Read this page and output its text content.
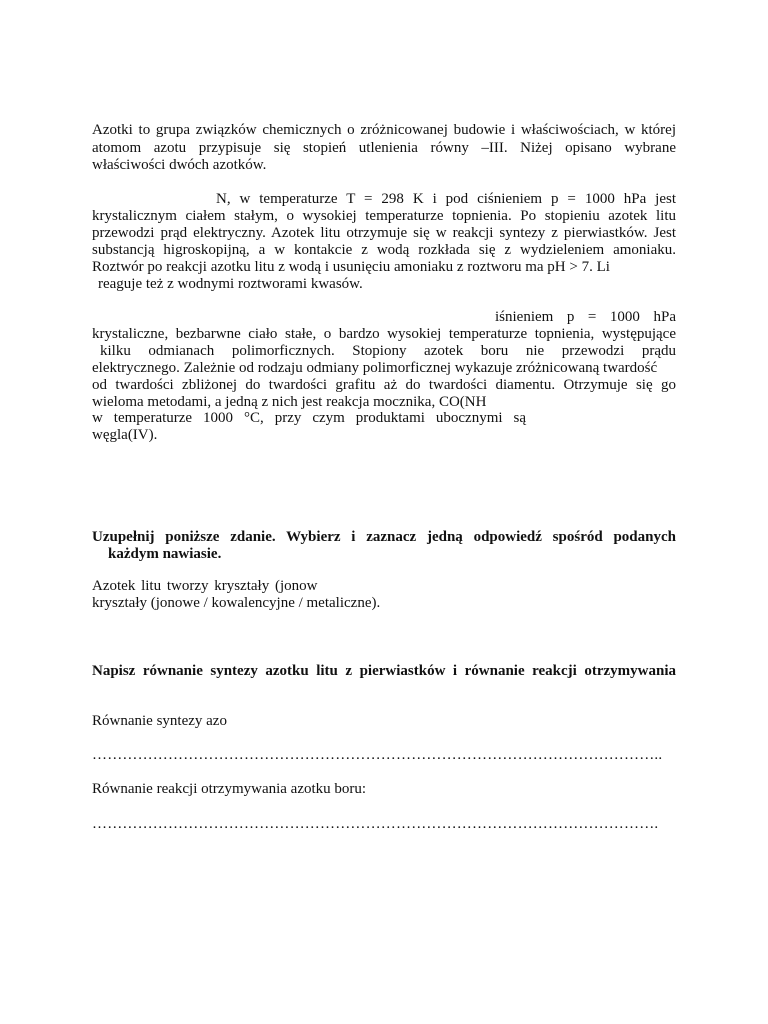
Azotki to grupa związków chemicznych o zróżnicowanej budowie i właściwościach, w której
atomom azotu przypisuje się stopień utlenienia równy –III. Niżej opisano wybrane
właściwości dwóch azotków.
N, w temperaturze T = 298 K i pod ciśnieniem p = 1000 hPa jest
krystalicznym ciałem stałym, o wysokiej temperaturze topnienia. Po stopieniu azotek litu
przewodzi prąd elektryczny. Azotek litu otrzymuje się w reakcji syntezy z pierwiastków. Jest
substancją higroskopijną, a w kontakcie z wodą rozkłada się z wydzieleniem amoniaku.
Roztwór po reakcji azotku litu z wodą i usunięciu amoniaku z roztworu ma pH > 7. Li
reaguje też z wodnymi roztworami kwasów.
iśnieniem p = 1000 hPa
krystaliczne, bezbarwne ciało stałe, o bardzo wysokiej temperaturze topnienia, występujące
kilku odmianach polimorficznych. Stopiony azotek boru nie przewodzi prądu
elektrycznego. Zależnie od rodzaju odmiany polimorficznej wykazuje zróżnicowaną twardość
od twardości zbliżonej do twardości grafitu aż do twardości diamentu. Otrzymuje się go
wieloma metodami, a jedną z nich jest reakcja mocznika, CO(NH
w temperaturze 1000 °C, przy czym produktami ubocznymi są
węgla(IV).
Uzupełnij poniższe zdanie. Wybierz i zaznacz jedną odpowiedź spośród podanych
każdym nawiasie.
Azotek litu tworzy kryształy (jonow
kryształy (jonowe / kowalencyjne / metaliczne).
Napisz równanie syntezy azotku litu z pierwiastków i równanie reakcji otrzymywania
Równanie syntezy azo
…………………………………………………………………………………………………..
Równanie reakcji otrzymywania azotku boru:
………………………………………………………………………………………………….
